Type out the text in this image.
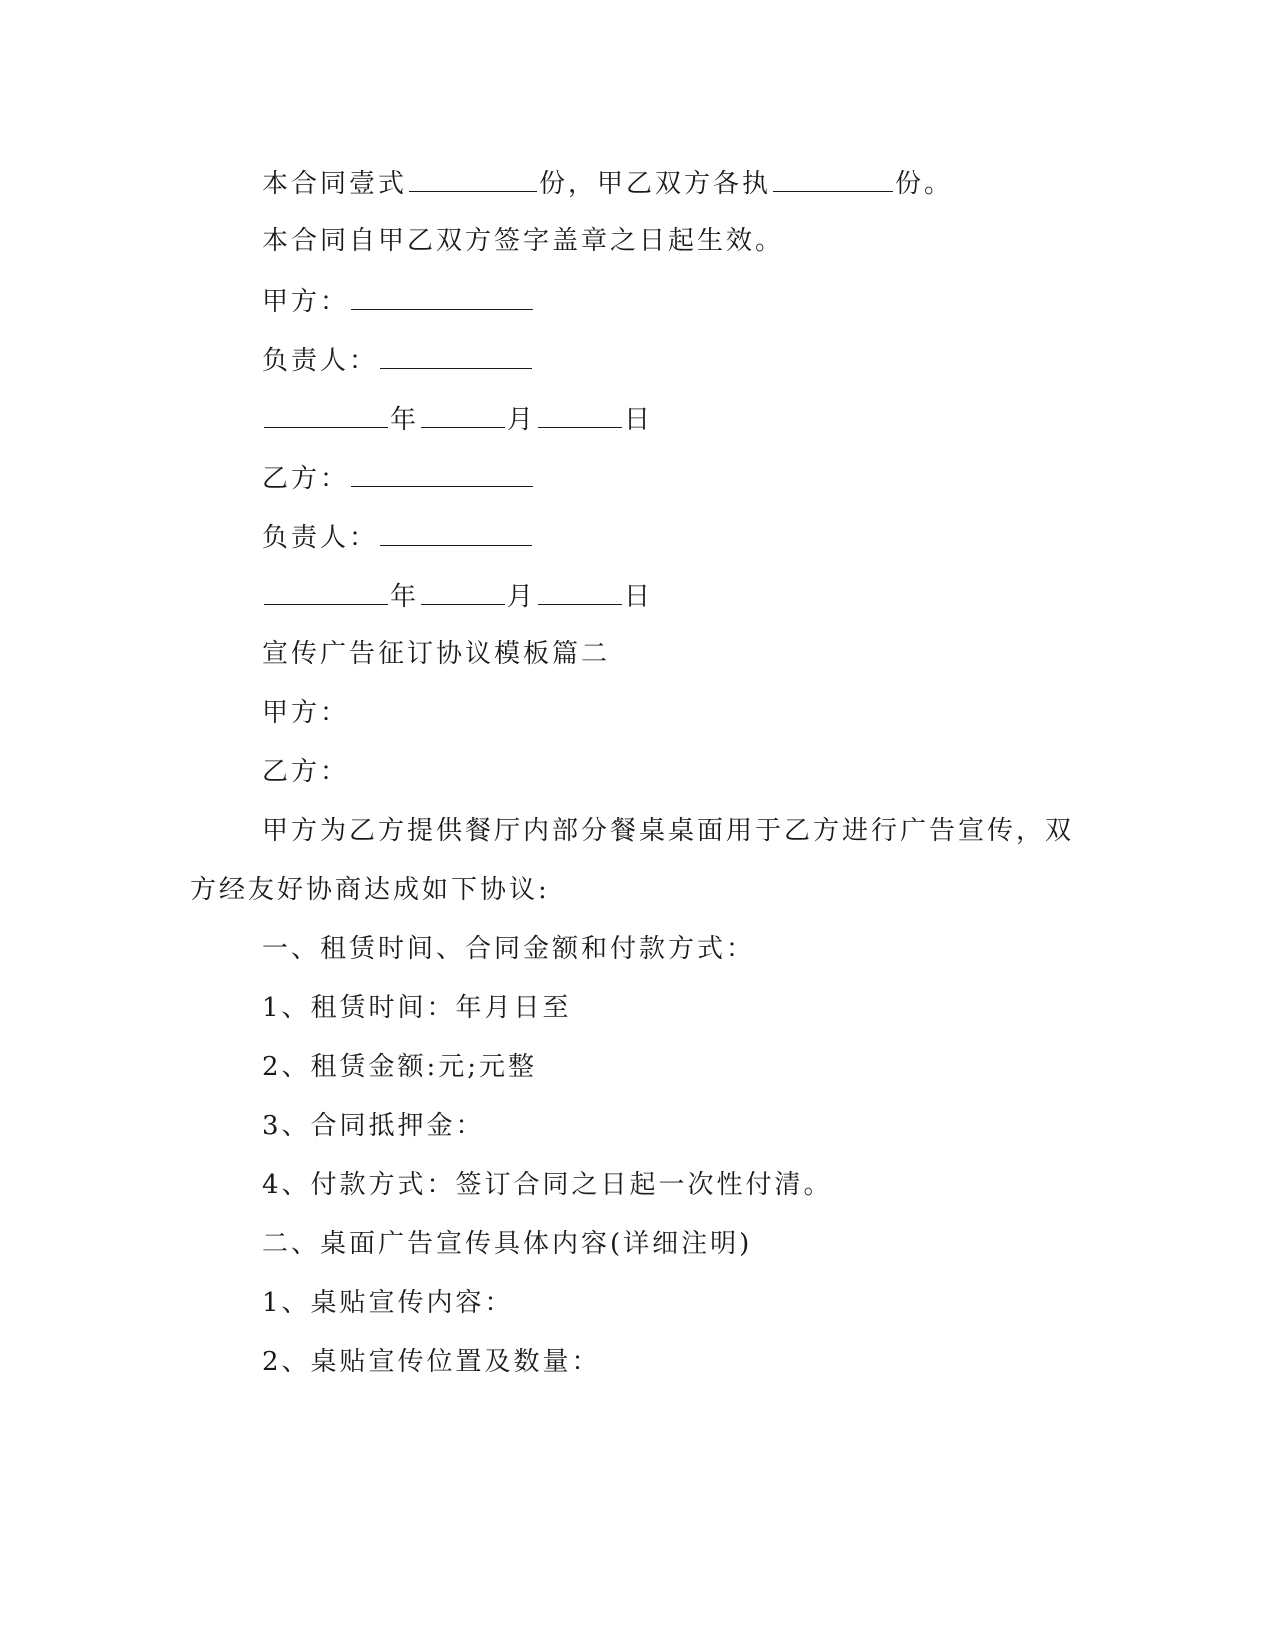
本合同壹式	份，甲乙双方各执	份。
本合同自甲乙双方签字盖章之日起生效。
甲方：
负责人：
年	月	日
乙方：
负责人：
年	月	日
宣传广告征订协议模板篇二
甲方：
乙方：
甲方为乙方提供餐厅内部分餐桌桌面用于乙方进行广告宣传，双
方经友好协商达成如下协议:
一、租赁时间、合同金额和付款方式：
1、租赁时间：年月日至
2、租赁金额:元;元整
3、合同抵押金：
4、付款方式：签订合同之日起一次性付清。
二、桌面广告宣传具体内容(详细注明)
1、桌贴宣传内容：
2、桌贴宣传位置及数量：
